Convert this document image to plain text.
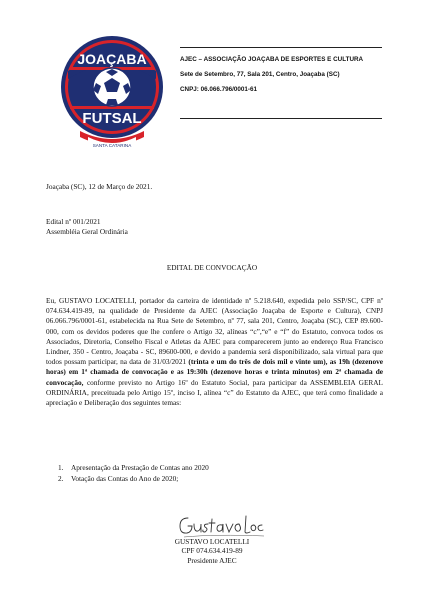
JOAÇABA
FUTSAL
SANTA CATARINA
AJEC – ASSOCIAÇÃO JOAÇABA DE ESPORTES E CULTURA
Sete de Setembro, 77, Sala 201, Centro, Joaçaba (SC)
CNPJ: 06.066.796/0001-61
Joaçaba (SC), 12 de Março de 2021.
Edital nº 001/2021
Assembléia Geral Ordinária
EDITAL DE CONVOCAÇÃO
Eu, GUSTAVO LOCATELLI, portador da carteira de identidade nº 5.218.640, expedida pelo SSP/SC, CPF nº 074.634.419-89, na qualidade de Presidente da AJEC (Associação Joaçaba de Esporte e Cultura), CNPJ 06.066.796/0001-61, estabelecida na Rua Sete de Setembro, nº 77, sala 201, Centro, Joaçaba (SC), CEP 89.600-000, com os devidos poderes que lhe confere o Artigo 32, alíneas “c”,“e” e “f” do Estatuto, convoca todos os Associados, Diretoria, Conselho Fiscal e Atletas da AJEC para comparecerem junto ao endereço Rua Francisco Lindner, 350 - Centro, Joaçaba - SC, 89600-000, e devido a pandemia será disponibilizado, sala virtual para que todos possam participar, na data de 31/03/2021 (trinta e um do três de dois mil e vinte um), as 19h (dezenove horas) em 1ª chamada de convocação e as 19:30h (dezenove horas e trinta minutos) em 2ª chamada de convocação, conforme previsto no Artigo 16º do Estatuto Social, para participar da ASSEMBLEIA GERAL ORDINÁRIA, preceituada pelo Artigo 15º, inciso I, alínea “c” do Estatuto da AJEC, que terá como finalidade a apreciação e Deliberação dos seguintes temas:
1. Apresentação da Prestação de Contas ano 2020
2. Votação das Contas do Ano de 2020;
GUSTAVO LOCATELLI
CPF 074.634.419-89
Presidente AJEC
